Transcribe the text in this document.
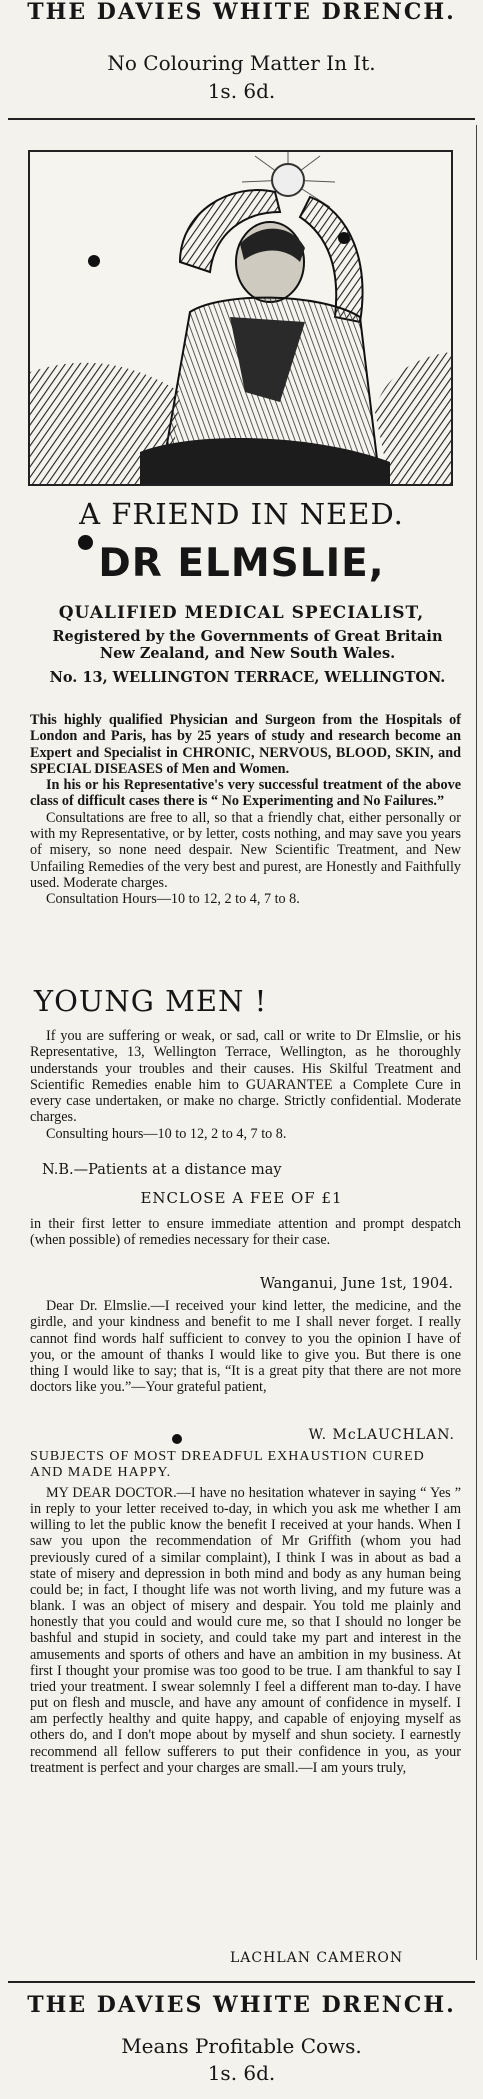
THE DAVIES WHITE DRENCH.
No Colouring Matter In It.
1s. 6d.
A FRIEND IN NEED.
DR ELMSLIE,
QUALIFIED MEDICAL SPECIALIST,
Registered by the Governments of Great Britain New Zealand, and New South Wales.
No. 13, WELLINGTON TERRACE, WELLINGTON.

This highly qualified Physician and Surgeon from the Hospitals of London and Paris, has by 25 years of study and research become an Expert and Specialist in CHRONIC, NERVOUS, BLOOD, SKIN, and SPECIAL DISEASES of Men and Women.

In his or his Representative's very successful treatment of the above class of difficult cases there is “ No Experimenting and No Failures.”

Consultations are free to all, so that a friendly chat, either personally or with my Representative, or by letter, costs nothing, and may save you years of misery, so none need despair. New Scientific Treatment, and New Unfailing Remedies of the very best and purest, are Honestly and Faithfully used. Moderate charges.

Consultation Hours—10 to 12, 2 to 4, 7 to 8.

YOUNG MEN !

If you are suffering or weak, or sad, call or write to Dr Elmslie, or his Representative, 13, Wellington Terrace, Wellington, as he thoroughly understands your troubles and their causes. His Skilful Treatment and Scientific Remedies enable him to GUARANTEE a Complete Cure in every case undertaken, or make no charge. Strictly confidential. Moderate charges.

Consulting hours—10 to 12, 2 to 4, 7 to 8.

N.B.—Patients at a distance may
ENCLOSE A FEE OF £1

in their first letter to ensure immediate attention and prompt despatch (when possible) of remedies necessary for their case.

Wanganui, June 1st, 1904.

Dear Dr. Elmslie.—I received your kind letter, the medicine, and the girdle, and your kindness and benefit to me I shall never forget. I really cannot find words half sufficient to convey to you the opinion I have of you, or the amount of thanks I would like to give you. But there is one thing I would like to say; that is, “It is a great pity that there are not more doctors like you.”—Your grateful patient,

W. McLAUCHLAN.
SUBJECTS OF MOST DREADFUL EXHAUSTION CURED AND MADE HAPPY.

MY DEAR DOCTOR.—I have no hesitation whatever in saying “ Yes ” in reply to your letter received to-day, in which you ask me whether I am willing to let the public know the benefit I received at your hands. When I saw you upon the recommendation of Mr Griffith (whom you had previously cured of a similar complaint), I think I was in about as bad a state of misery and depression in both mind and body as any human being could be; in fact, I thought life was not worth living, and my future was a blank. I was an object of misery and despair. You told me plainly and honestly that you could and would cure me, so that I should no longer be bashful and stupid in society, and could take my part and interest in the amusements and sports of others and have an ambition in my business. At first I thought your promise was too good to be true. I am thankful to say I tried your treatment. I swear solemnly I feel a different man to-day. I have put on flesh and muscle, and have any amount of confidence in myself. I am perfectly healthy and quite happy, and capable of enjoying myself as others do, and I don't mope about by myself and shun society. I earnestly recommend all fellow sufferers to put their confidence in you, as your treatment is perfect and your charges are small.—I am yours truly,

LACHLAN CAMERON
THE DAVIES WHITE DRENCH.
Means Profitable Cows.
1s. 6d.
